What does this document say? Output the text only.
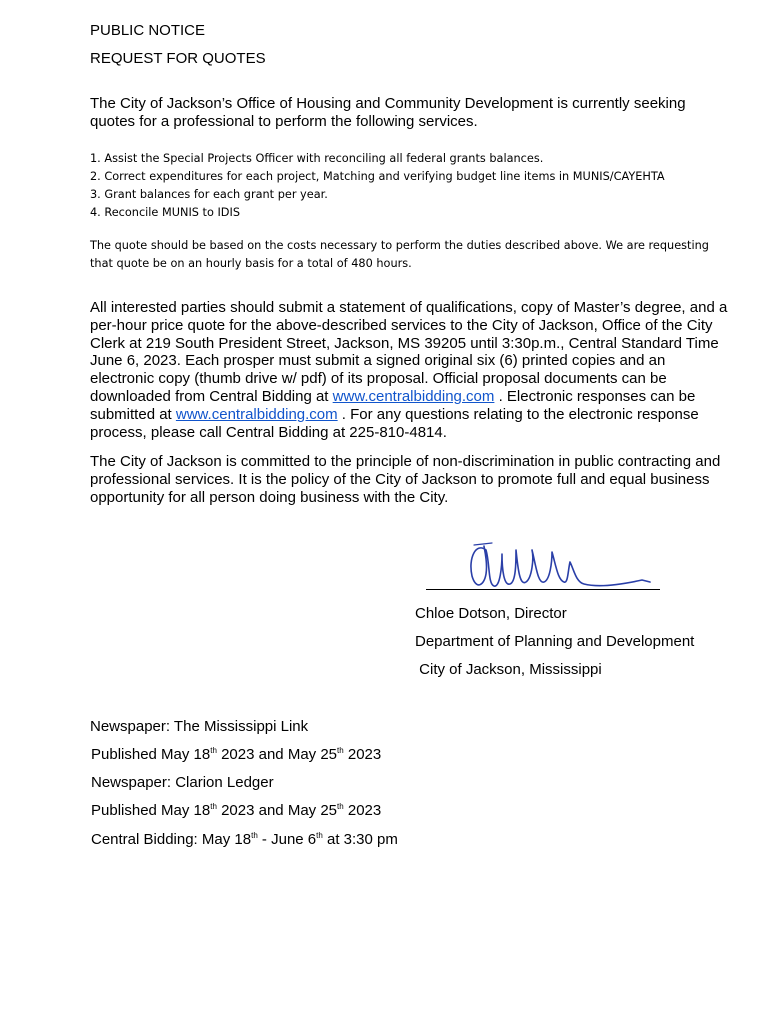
PUBLIC NOTICE
REQUEST FOR QUOTES
The City of Jackson’s Office of Housing and Community Development is currently seeking quotes for a professional to perform the following services.
1. Assist the Special Projects Officer with reconciling all federal grants balances.
2. Correct expenditures for each project, Matching and verifying budget line items in MUNIS/CAYEHTA
3. Grant balances for each grant per year.
4. Reconcile MUNIS to IDIS
The quote should be based on the costs necessary to perform the duties described above. We are requesting that quote be on an hourly basis for a total of 480 hours.
All interested parties should submit a statement of qualifications, copy of Master’s degree, and a per-hour price quote for the above-described services to the City of Jackson, Office of the City Clerk at 219 South President Street, Jackson, MS 39205 until 3:30p.m., Central Standard Time June 6, 2023. Each prosper must submit a signed original six (6) printed copies and an electronic copy (thumb drive w/ pdf) of its proposal. Official proposal documents can be downloaded from Central Bidding at www.centralbidding.com . Electronic responses can be submitted at www.centralbidding.com . For any questions relating to the electronic response process, please call Central Bidding at 225-810-4814.
The City of Jackson is committed to the principle of non-discrimination in public contracting and professional services. It is the policy of the City of Jackson to promote full and equal business opportunity for all person doing business with the City.
Chloe Dotson, Director
Department of Planning and Development
City of Jackson, Mississippi
Newspaper: The Mississippi Link
Published May 18th 2023 and May 25th 2023
Newspaper: Clarion Ledger
Published May 18th 2023 and May 25th 2023
Central Bidding: May 18th - June 6th at 3:30 pm
